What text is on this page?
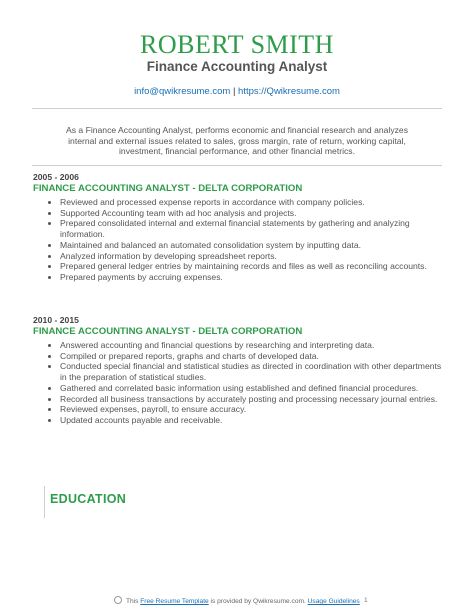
ROBERT SMITH
Finance Accounting Analyst
info@qwikresume.com | https://Qwikresume.com
As a Finance Accounting Analyst, performs economic and financial research and analyzes internal and external issues related to sales, gross margin, rate of return, working capital, investment, financial performance, and other financial metrics.
2005 - 2006
FINANCE ACCOUNTING ANALYST - DELTA CORPORATION
Reviewed and processed expense reports in accordance with company policies.
Supported Accounting team with ad hoc analysis and projects.
Prepared consolidated internal and external financial statements by gathering and analyzing information.
Maintained and balanced an automated consolidation system by inputting data.
Analyzed information by developing spreadsheet reports.
Prepared general ledger entries by maintaining records and files as well as reconciling accounts.
Prepared payments by accruing expenses.
2010 - 2015
FINANCE ACCOUNTING ANALYST - DELTA CORPORATION
Answered accounting and financial questions by researching and interpreting data.
Compiled or prepared reports, graphs and charts of developed data.
Conducted special financial and statistical studies as directed in coordination with other departments in the preparation of statistical studies.
Gathered and correlated basic information using established and defined financial procedures.
Recorded all business transactions by accurately posting and processing necessary journal entries.
Reviewed expenses, payroll, to ensure accuracy.
Updated accounts payable and receivable.
EDUCATION
This Free Resume Template is provided by Qwikresume.com. Usage Guidelines 1
